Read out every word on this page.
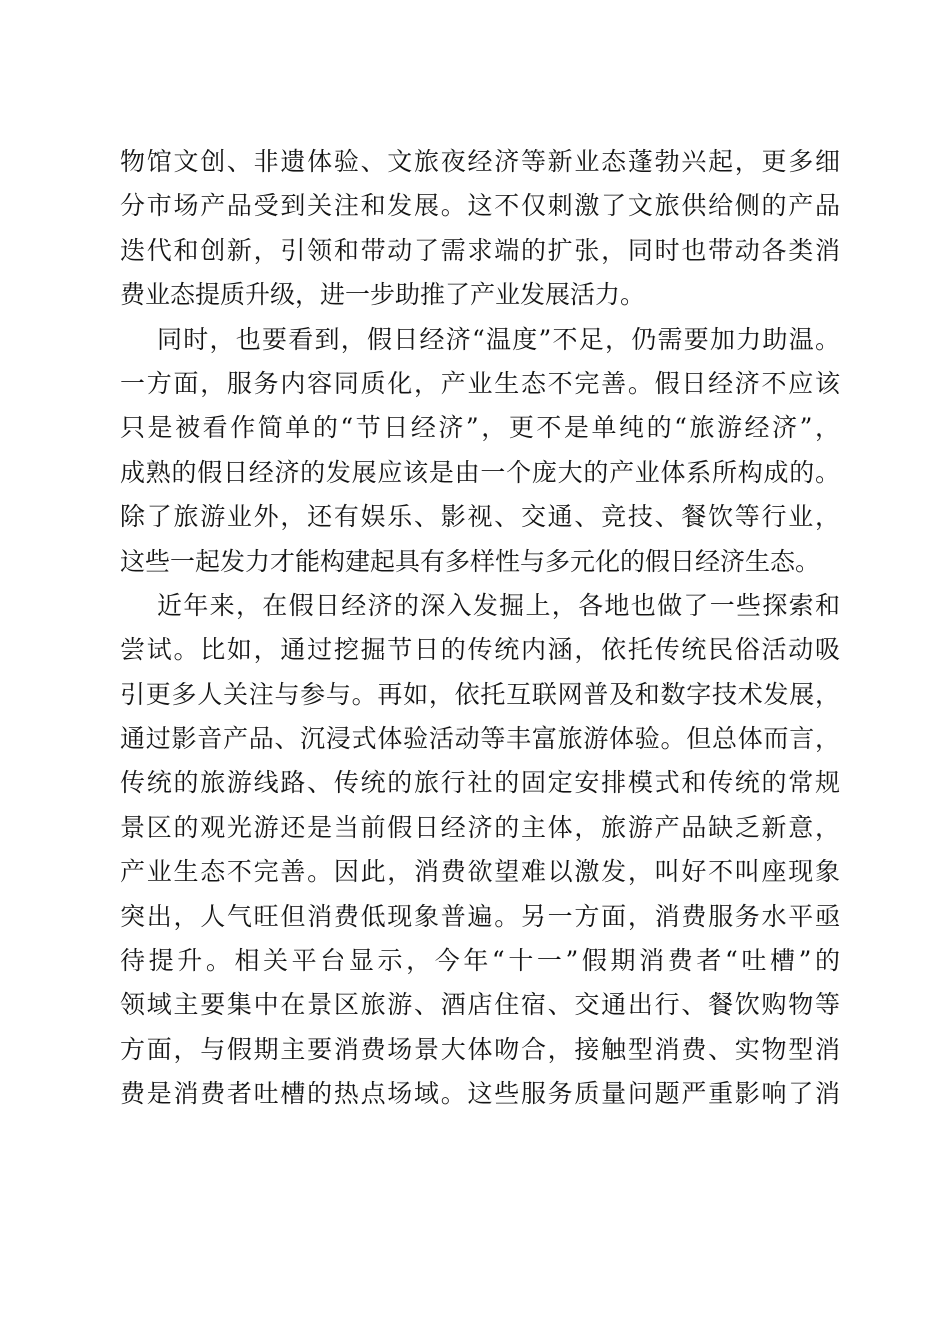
物馆文创、非遗体验、文旅夜经济等新业态蓬勃兴起，更多细
分市场产品受到关注和发展。这不仅刺激了文旅供给侧的产品
迭代和创新，引领和带动了需求端的扩张，同时也带动各类消
费业态提质升级，进一步助推了产业发展活力。
同时，也要看到，假日经济“温度”不足，仍需要加力助温。
一方面，服务内容同质化，产业生态不完善。假日经济不应该
只是被看作简单的“节日经济”，更不是单纯的“旅游经济”，
成熟的假日经济的发展应该是由一个庞大的产业体系所构成的。
除了旅游业外，还有娱乐、影视、交通、竞技、餐饮等行业，
这些一起发力才能构建起具有多样性与多元化的假日经济生态。
近年来，在假日经济的深入发掘上，各地也做了一些探索和
尝试。比如，通过挖掘节日的传统内涵，依托传统民俗活动吸
引更多人关注与参与。再如，依托互联网普及和数字技术发展，
通过影音产品、沉浸式体验活动等丰富旅游体验。但总体而言，
传统的旅游线路、传统的旅行社的固定安排模式和传统的常规
景区的观光游还是当前假日经济的主体，旅游产品缺乏新意，
产业生态不完善。因此，消费欲望难以激发，叫好不叫座现象
突出，人气旺但消费低现象普遍。另一方面，消费服务水平亟
待提升。相关平台显示，今年“十一”假期消费者“吐槽”的
领域主要集中在景区旅游、酒店住宿、交通出行、餐饮购物等
方面，与假期主要消费场景大体吻合，接触型消费、实物型消
费是消费者吐槽的热点场域。这些服务质量问题严重影响了消
